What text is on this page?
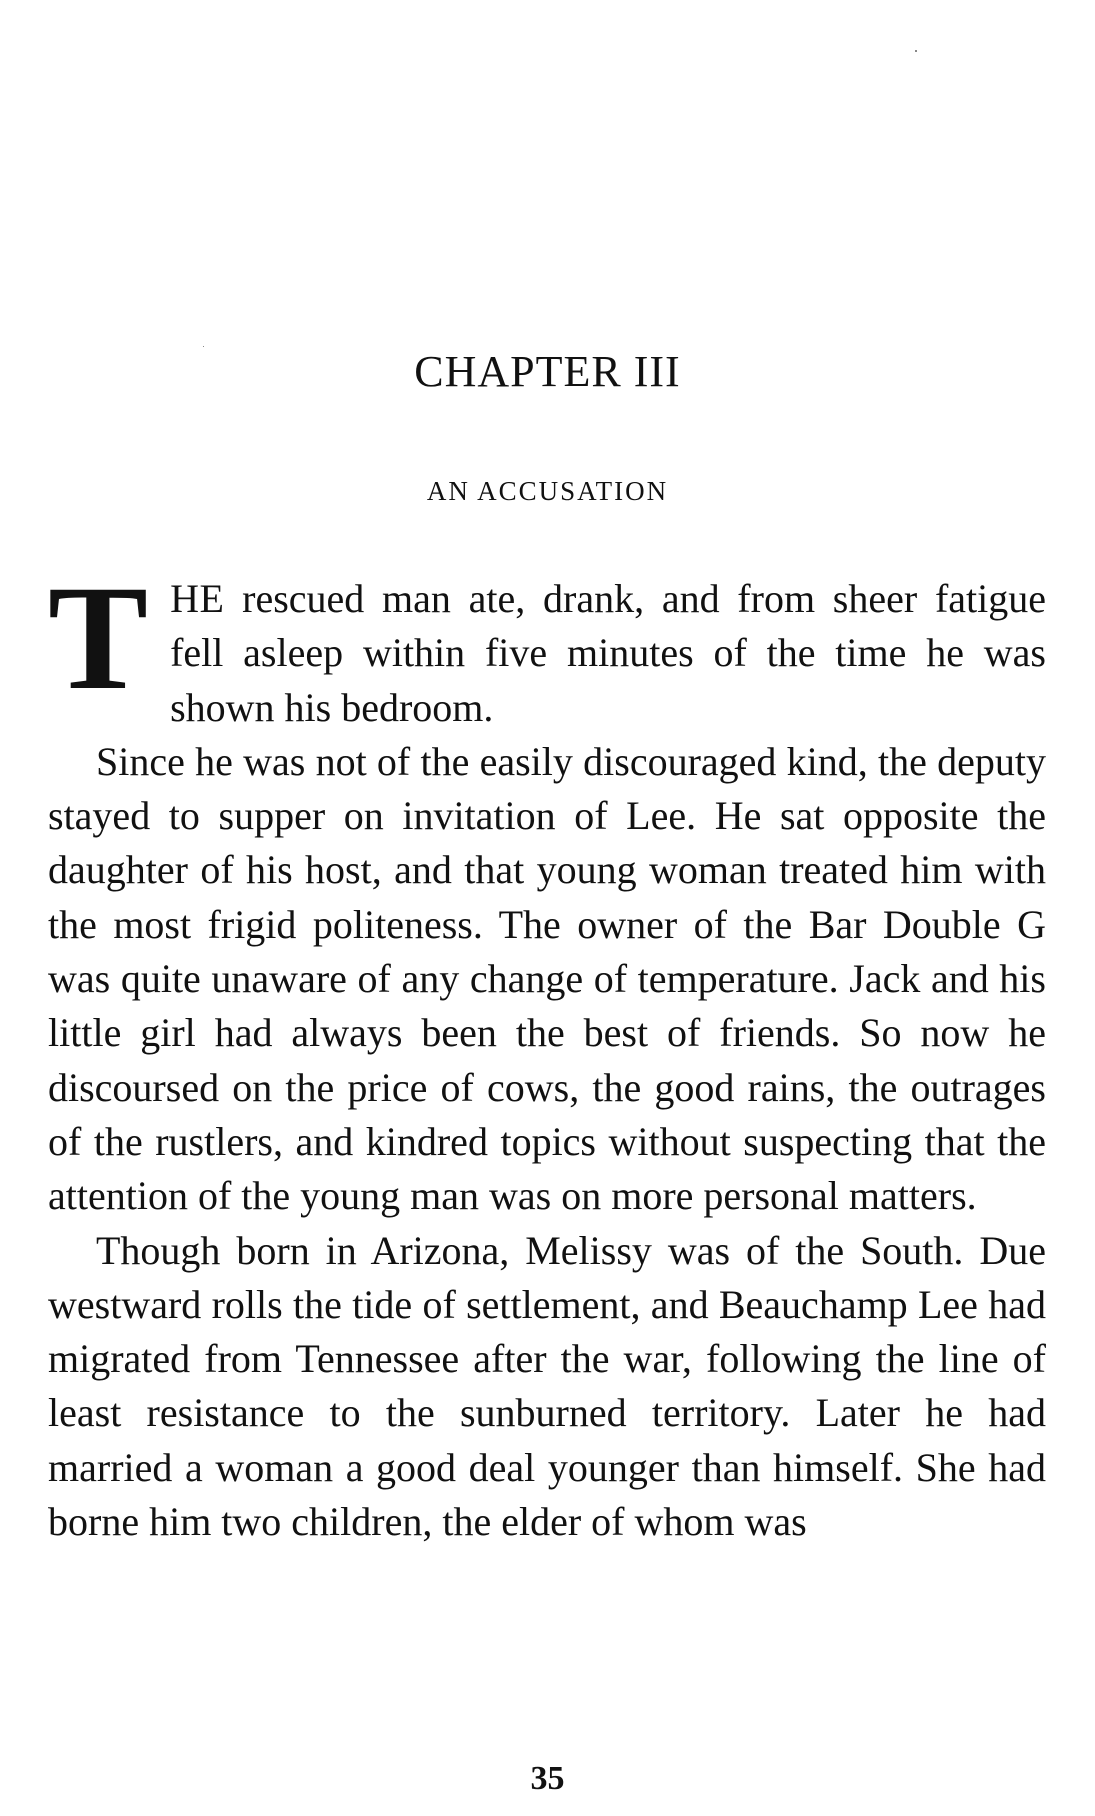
CHAPTER III
AN ACCUSATION

THE rescued man ate, drank, and from sheer fatigue fell asleep within five minutes of the time he was shown his bedroom.

Since he was not of the easily discouraged kind, the deputy stayed to supper on invitation of Lee. He sat opposite the daughter of his host, and that young woman treated him with the most frigid politeness. The owner of the Bar Double G was quite unaware of any change of temperature. Jack and his little girl had always been the best of friends. So now he discoursed on the price of cows, the good rains, the outrages of the rustlers, and kindred topics without suspecting that the attention of the young man was on more personal matters.

Though born in Arizona, Melissy was of the South. Due westward rolls the tide of settlement, and Beauchamp Lee had migrated from Tennessee after the war, following the line of least resistance to the sunburned territory. Later he had married a woman a good deal younger than himself. She had borne him two children, the elder of whom was

35
